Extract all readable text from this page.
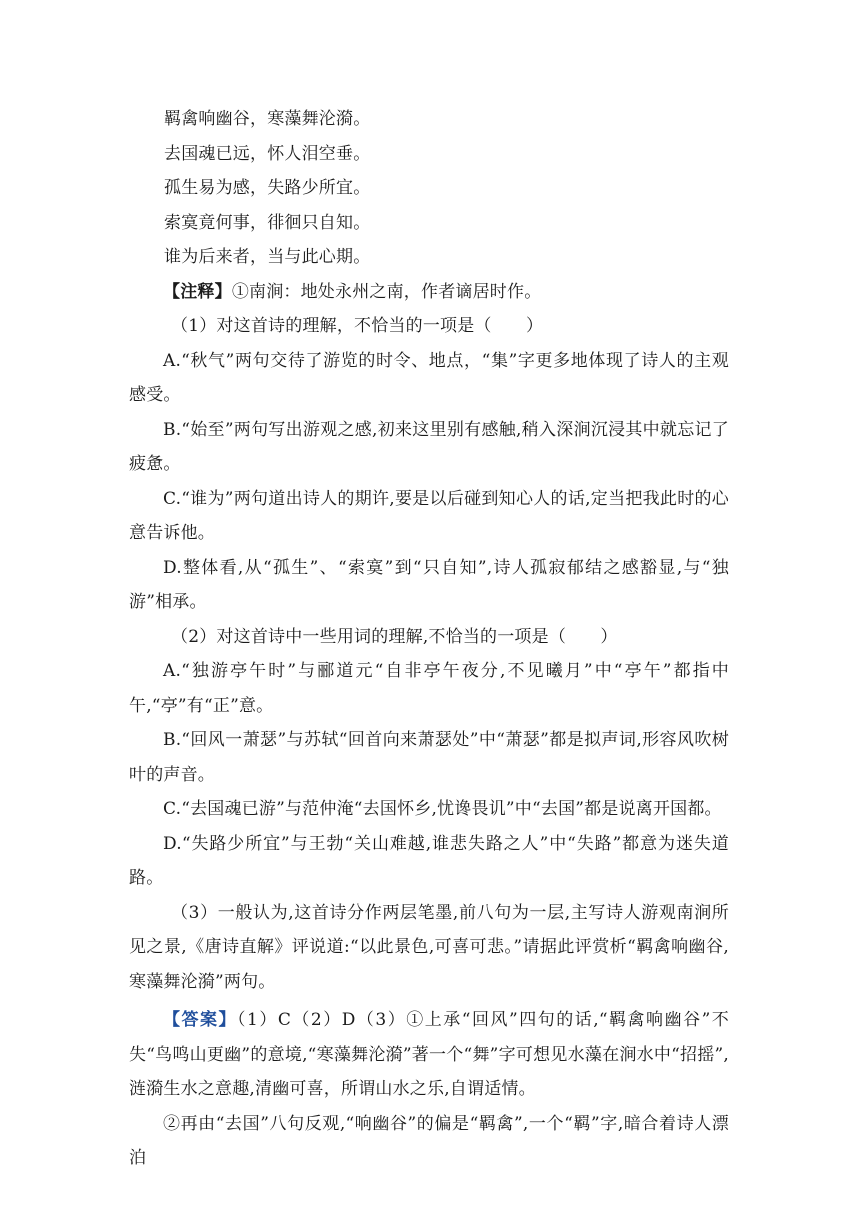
羁禽响幽谷，寒藻舞沦漪。
去国魂已远，怀人泪空垂。
孤生易为感，失路少所宜。
索寞竟何事，徘徊只自知。
谁为后来者，当与此心期。
【注释】①南涧：地处永州之南，作者谪居时作。
（1）对这首诗的理解，不恰当的一项是（　　）
A.“秋气”两句交待了游览的时令、地点，“集”字更多地体现了诗人的主观感受。
B.“始至”两句写出游观之感,初来这里别有感触,稍入深涧沉浸其中就忘记了疲惫。
C.“谁为”两句道出诗人的期许,要是以后碰到知心人的话,定当把我此时的心意告诉他。
D.整体看,从“孤生”、“索寞”到“只自知”,诗人孤寂郁结之感豁显,与“独游”相承。
（2）对这首诗中一些用词的理解,不恰当的一项是（　　）
A.“独游亭午时”与郦道元“自非亭午夜分,不见曦月”中“亭午”都指中午,“亭”有“正”意。
B.“回风一萧瑟”与苏轼“回首向来萧瑟处”中“萧瑟”都是拟声词,形容风吹树叶的声音。
C.“去国魂已游”与范仲淹“去国怀乡,忧谗畏讥”中“去国”都是说离开国都。
D.“失路少所宜”与王勃“关山难越,谁悲失路之人”中“失路”都意为迷失道路。
（3）一般认为,这首诗分作两层笔墨,前八句为一层,主写诗人游观南涧所见之景,《唐诗直解》评说道:“以此景色,可喜可悲。”请据此评赏析“羁禽响幽谷,寒藻舞沦漪”两句。
【答案】（1）C（2）D（3）①上承“回风”四句的话,“羁禽响幽谷”不失“鸟鸣山更幽”的意境,“寒藻舞沦漪”著一个“舞”字可想见水藻在涧水中“招摇”,涟漪生水之意趣,清幽可喜，所谓山水之乐,自谓适情。
②再由“去国”八句反观,“响幽谷”的偏是“羁禽”,一个“羁”字,暗合着诗人漂泊
